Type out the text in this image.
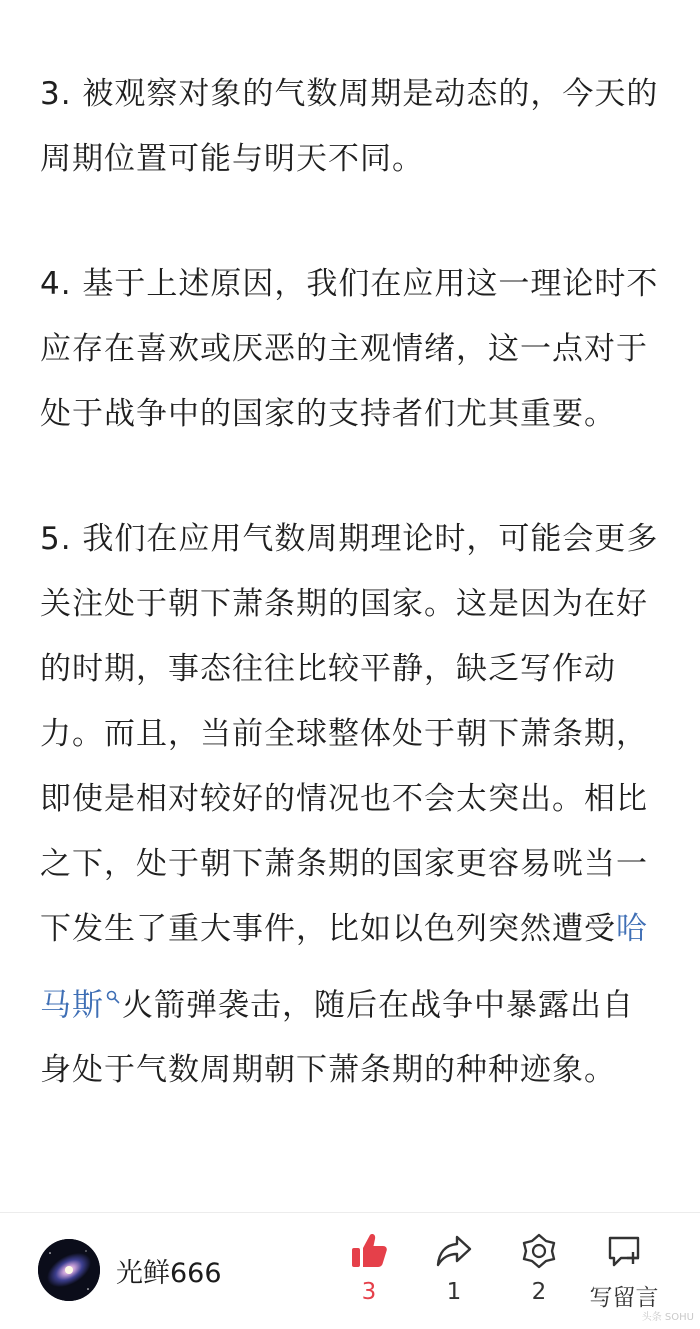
3. 被观察对象的气数周期是动态的，今天的周期位置可能与明天不同。

4. 基于上述原因，我们在应用这一理论时不应存在喜欢或厌恶的主观情绪，这一点对于处于战争中的国家的支持者们尤其重要。

5. 我们在应用气数周期理论时，可能会更多关注处于朝下萧条期的国家。这是因为在好的时期，事态往往比较平静，缺乏写作动力。而且，当前全球整体处于朝下萧条期，即使是相对较好的情况也不会太突出。相比之下，处于朝下萧条期的国家更容易咣当一下发生了重大事件，比如以色列突然遭受哈马斯 火箭弹袭击，随后在战争中暴露出自身处于气数周期朝下萧条期的种种迹象。

光鲜666
3	1	2 写留言
头条 SOHU
